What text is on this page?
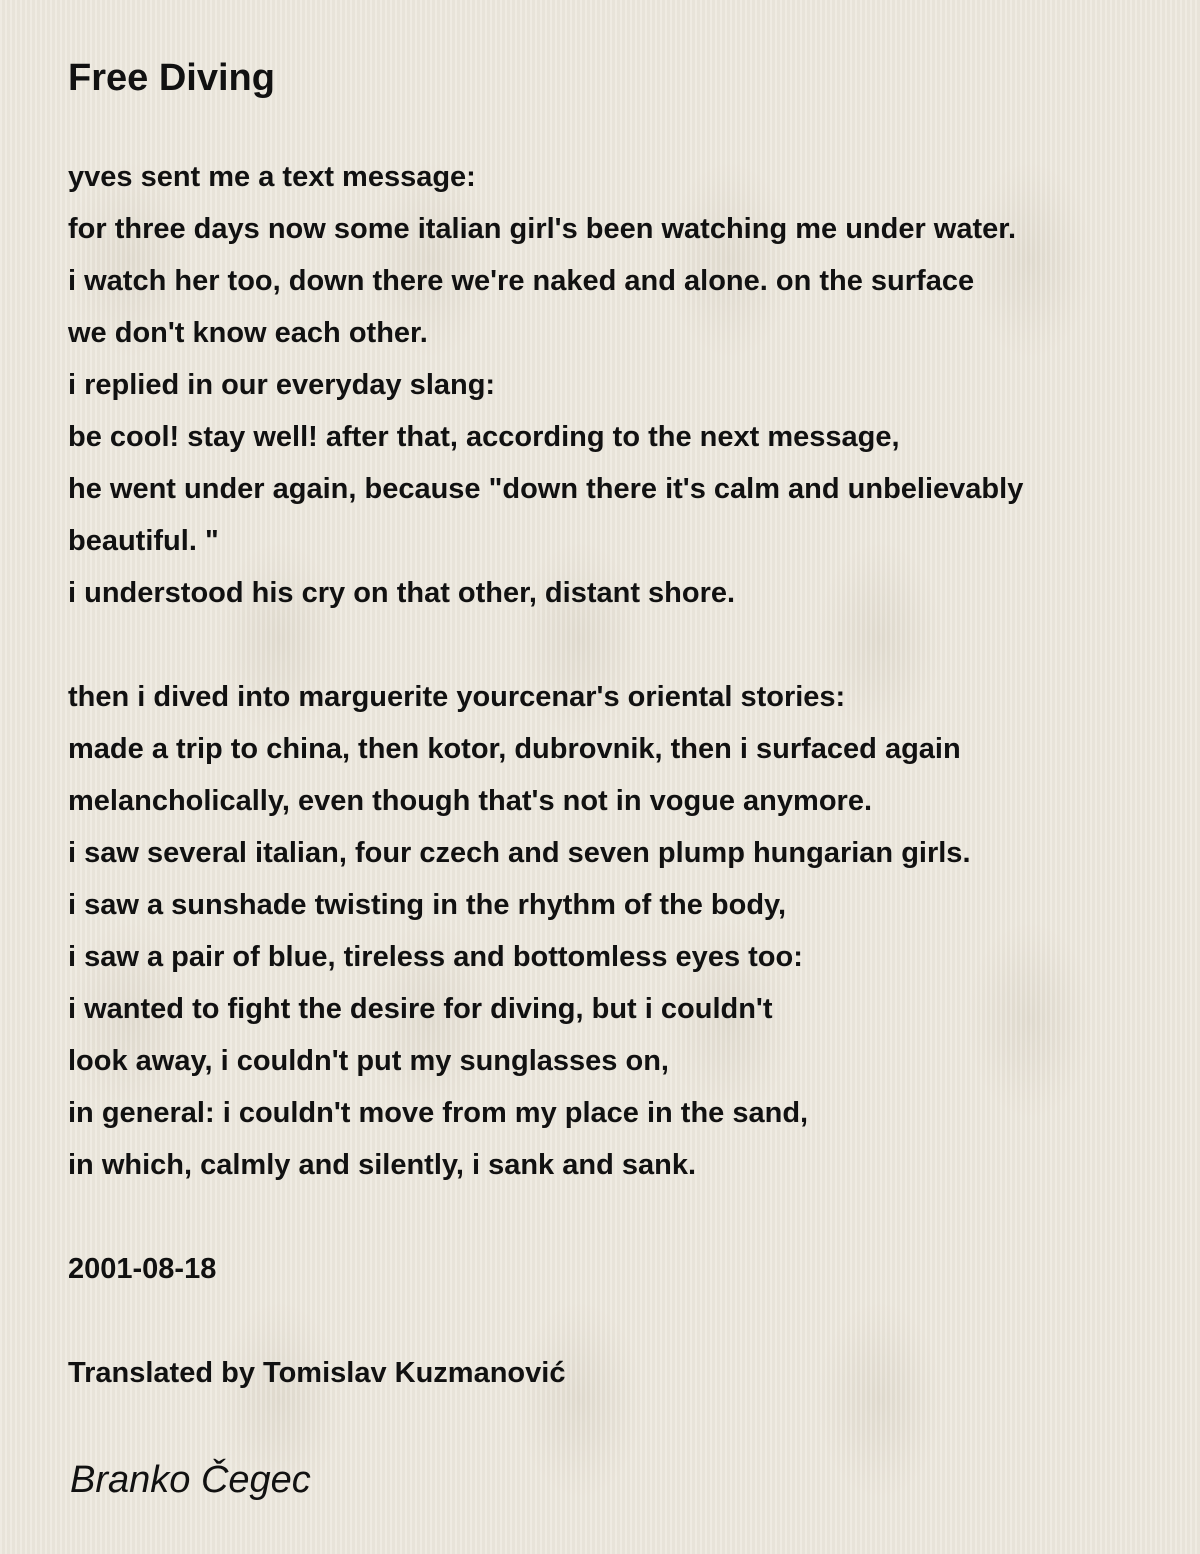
Free Diving
yves sent me a text message:
for three days now some italian girl's been watching me under water.
i watch her too, down there we're naked and alone. on the surface
we don't know each other.
i replied in our everyday slang:
be cool! stay well! after that, according to the next message,
he went under again, because "down there it's calm and unbelievably
beautiful. "
i understood his cry on that other, distant shore.
then i dived into marguerite yourcenar's oriental stories:
made a trip to china, then kotor, dubrovnik, then i surfaced again
melancholically, even though that's not in vogue anymore.
i saw several italian, four czech and seven plump hungarian girls.
i saw a sunshade twisting in the rhythm of the body,
i saw a pair of blue, tireless and bottomless eyes too:
i wanted to fight the desire for diving, but i couldn't
look away, i couldn't put my sunglasses on,
in general: i couldn't move from my place in the sand,
in which, calmly and silently, i sank and sank.
2001-08-18
Translated by Tomislav Kuzmanović
Branko Čegec
